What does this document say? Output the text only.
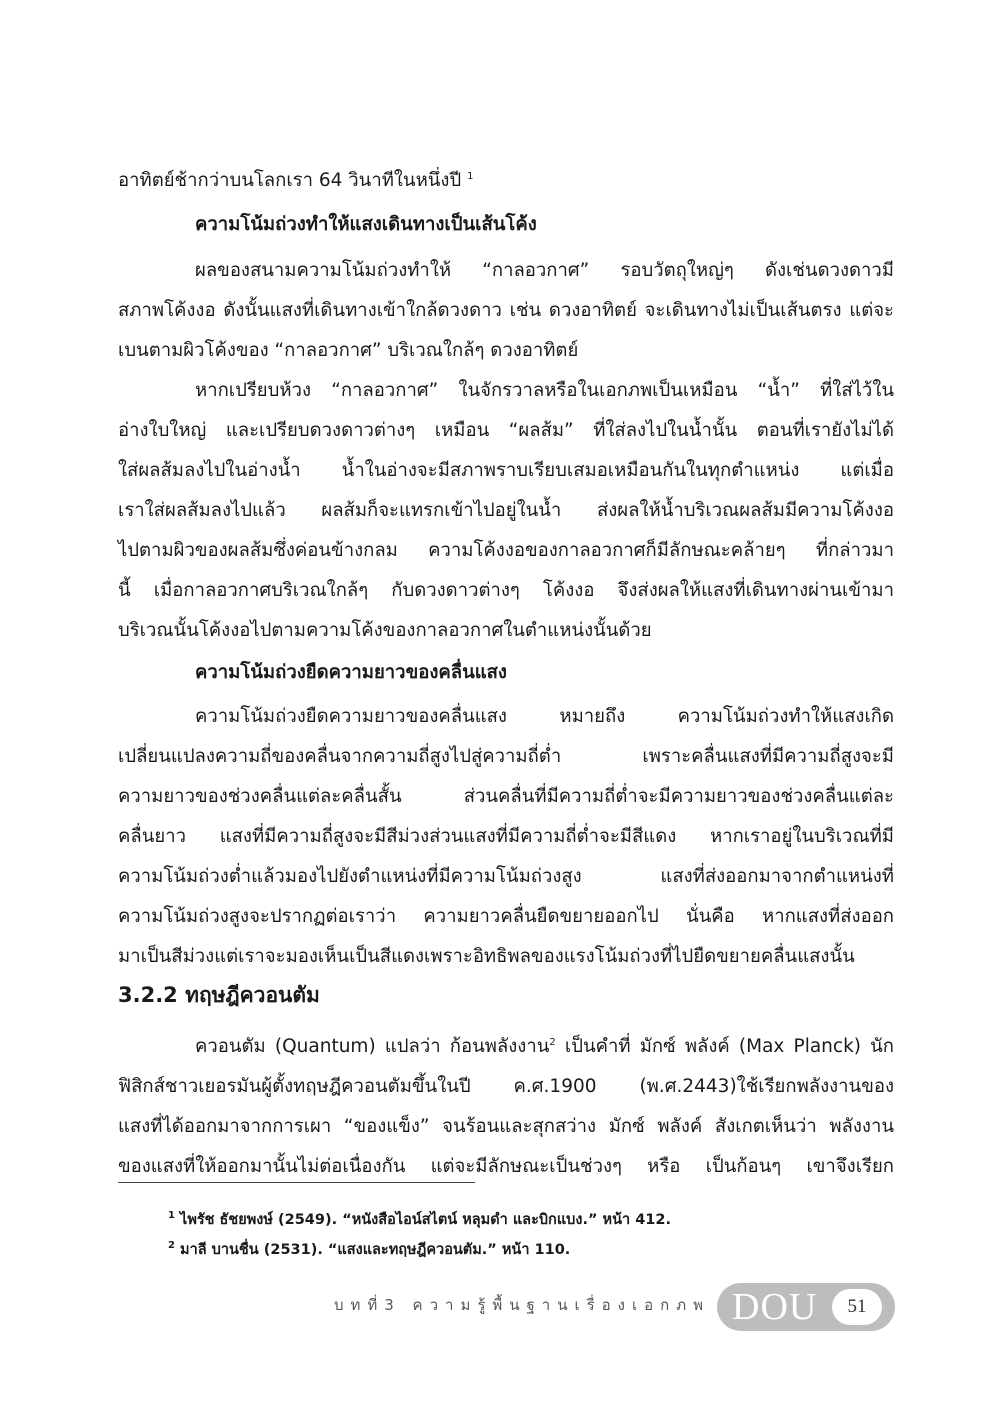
อาทิตย์ช้ากว่าบนโลกเรา 64 วินาทีในหนึ่งปี $^1$
ความโน้มถ่วงทำให้แสงเดินทางเป็นเส้นโค้ง
ผลของสนามความโน้มถ่วงทำให้ “กาลอวกาศ” รอบวัตถุใหญ่ๆ ดังเช่นดวงดาวมี
สภาพโค้งงอ ดังนั้นแสงที่เดินทางเข้าใกล้ดวงดาว เช่น ดวงอาทิตย์ จะเดินทางไม่เป็นเส้นตรง แต่จะ
เบนตามผิวโค้งของ “กาลอวกาศ” บริเวณใกล้ๆ ดวงอาทิตย์
หากเปรียบห้วง “กาลอวกาศ” ในจักรวาลหรือในเอกภพเป็นเหมือน “น้ำ” ที่ใส่ไว้ใน
อ่างใบใหญ่ และเปรียบดวงดาวต่างๆ เหมือน “ผลส้ม” ที่ใส่ลงไปในน้ำนั้น ตอนที่เรายังไม่ได้
ใส่ผลส้มลงไปในอ่างน้ำ น้ำในอ่างจะมีสภาพราบเรียบเสมอเหมือนกันในทุกตำแหน่ง แต่เมื่อ
เราใส่ผลส้มลงไปแล้ว ผลส้มก็จะแทรกเข้าไปอยู่ในน้ำ ส่งผลให้น้ำบริเวณผลส้มมีความโค้งงอ
ไปตามผิวของผลส้มซึ่งค่อนข้างกลม ความโค้งงอของกาลอวกาศก็มีลักษณะคล้ายๆ ที่กล่าวมา
นี้ เมื่อกาลอวกาศบริเวณใกล้ๆ กับดวงดาวต่างๆ โค้งงอ จึงส่งผลให้แสงที่เดินทางผ่านเข้ามา
บริเวณนั้นโค้งงอไปตามความโค้งของกาลอวกาศในตำแหน่งนั้นด้วย
ความโน้มถ่วงยืดความยาวของคลื่นแสง
ความโน้มถ่วงยืดความยาวของคลื่นแสง หมายถึง ความโน้มถ่วงทำให้แสงเกิด
เปลี่ยนแปลงความถี่ของคลื่นจากความถี่สูงไปสู่ความถี่ต่ำ เพราะคลื่นแสงที่มีความถี่สูงจะมี
ความยาวของช่วงคลื่นแต่ละคลื่นสั้น ส่วนคลื่นที่มีความถี่ต่ำจะมีความยาวของช่วงคลื่นแต่ละ
คลื่นยาว แสงที่มีความถี่สูงจะมีสีม่วงส่วนแสงที่มีความถี่ต่ำจะมีสีแดง หากเราอยู่ในบริเวณที่มี
ความโน้มถ่วงต่ำแล้วมองไปยังตำแหน่งที่มีความโน้มถ่วงสูง แสงที่ส่งออกมาจากตำแหน่งที่
ความโน้มถ่วงสูงจะปรากฏต่อเราว่า ความยาวคลื่นยืดขยายออกไป นั่นคือ หากแสงที่ส่งออก
มาเป็นสีม่วงแต่เราจะมองเห็นเป็นสีแดงเพราะอิทธิพลของแรงโน้มถ่วงที่ไปยืดขยายคลื่นแสงนั้น
3.2.2 ทฤษฎีควอนตัม
ควอนตัม (Quantum) แปลว่า ก้อนพลังงาน$^2$ เป็นคำที่ มักซ์ พลังค์ (Max Planck) นัก
ฟิสิกส์ชาวเยอรมันผู้ตั้งทฤษฎีควอนตัมขึ้นในปี ค.ศ.1900 (พ.ศ.2443)ใช้เรียกพลังงานของ
แสงที่ได้ออกมาจากการเผา “ของแข็ง” จนร้อนและสุกสว่าง มักซ์ พลังค์ สังเกตเห็นว่า พลังงาน
ของแสงที่ให้ออกมานั้นไม่ต่อเนื่องกัน แต่จะมีลักษณะเป็นช่วงๆ หรือ เป็นก้อนๆ เขาจึงเรียก
$^1$ ไพรัช ธัชยพงษ์ (2549). “หนังสือไอน์สไตน์ หลุมดำ และบิกแบง.” หน้า 412.
$^2$ มาลี บานชื่น (2531). “แสงและทฤษฎีควอนตัม.” หน้า 110.
บทที่3 ความรู้พื้นฐานเรื่องเอกภพ DOU	51
